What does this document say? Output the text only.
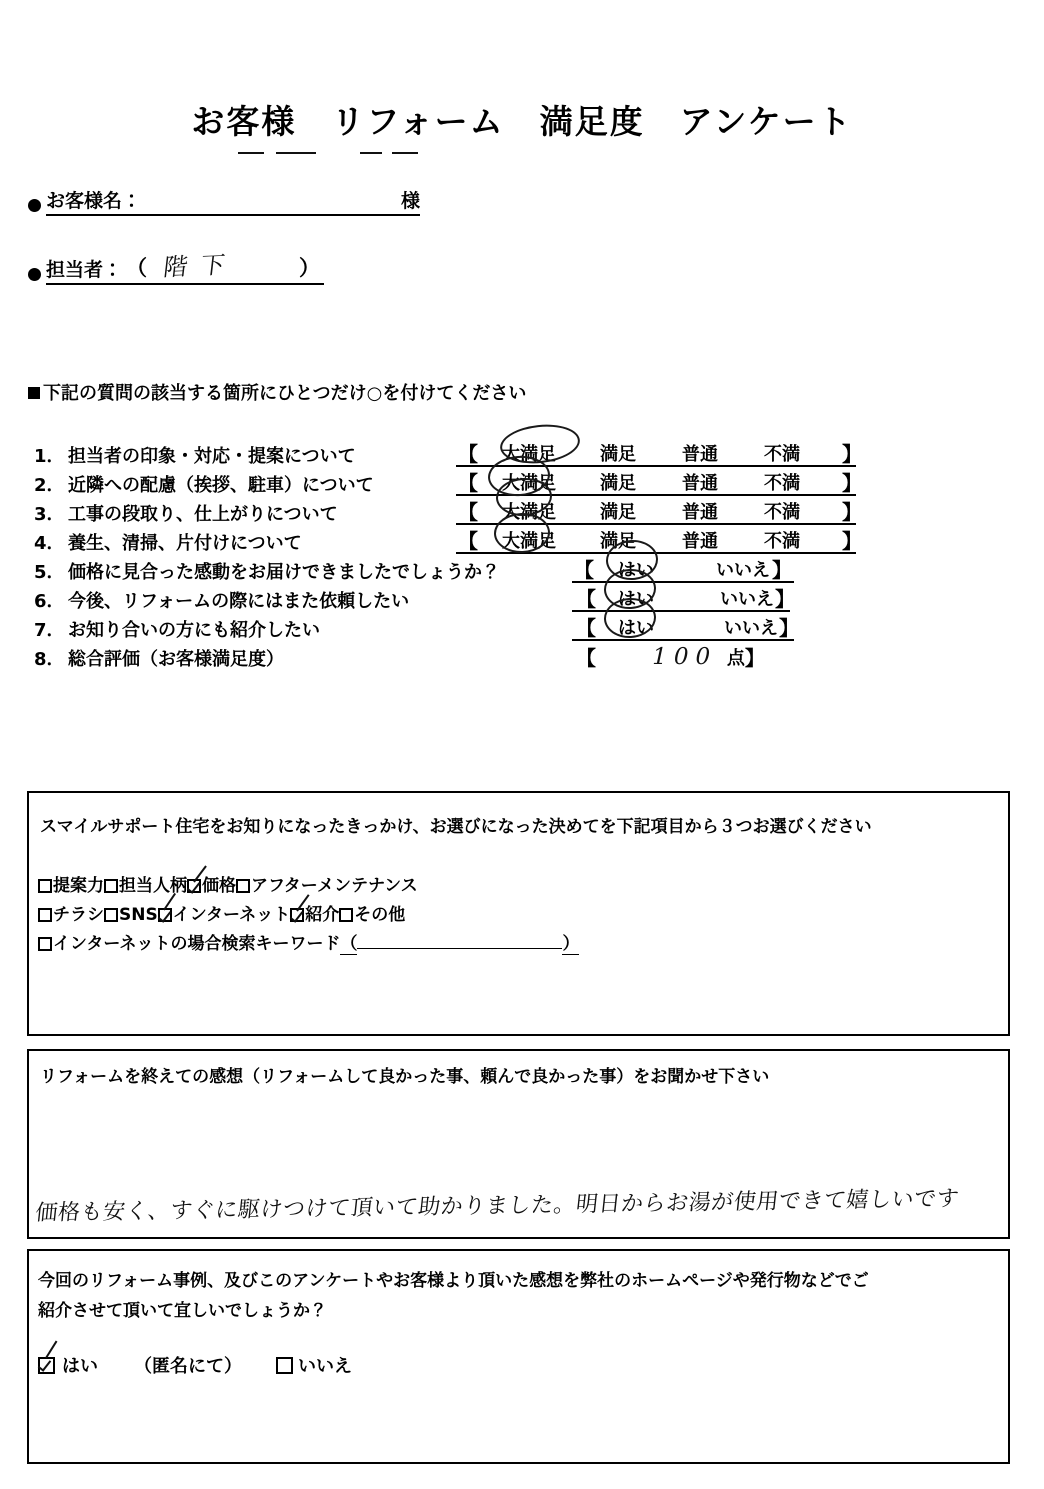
お客様　リフォーム　満足度　アンケート
お客様名：	様
担当者： （ 階下	）
下記の質問の該当する箇所にひとつだけ○を付けてください
1． 担当者の印象・対応・提案について	【 大満足 満足	普通	不満 】
2． 近隣への配慮（挨拶、駐車）について	【 大満足 満足	普通	不満 】
3． 工事の段取り、仕上がりについて	【 大満足 満足	普通	不満 】
4． 養生、清掃、片付けについて	【 大満足 満足	普通	不満 】
5． 価格に見合った感動をお届けできましたでしょうか？	【 はい	いいえ 】
6． 今後、リフォームの際にはまた依頼したい	【 はい	いいえ 】
7． お知り合いの方にも紹介したい	【 はい	いいえ 】
8． 総合評価（お客様満足度）	【 100 点 】
スマイルサポート住宅をお知りになったきっかけ、お選びになった決めてを下記項目から３つお選びください
提案力 担当人柄 価格 アフターメンテナンス
チラシ SNS インターネット 紹介 その他
インターネットの場合検索キーワード（	）
リフォームを終えての感想（リフォームして良かった事、頼んで良かった事）をお聞かせ下さい
価格も安く、すぐに駆けつけて頂いて助かりました。明日からお湯が使用できて嬉しいです
今回のリフォーム事例、及びこのアンケートやお客様より頂いた感想を弊社のホームページや発行物などでご
紹介させて頂いて宜しいでしょうか？
はい （匿名にて）	いいえ
